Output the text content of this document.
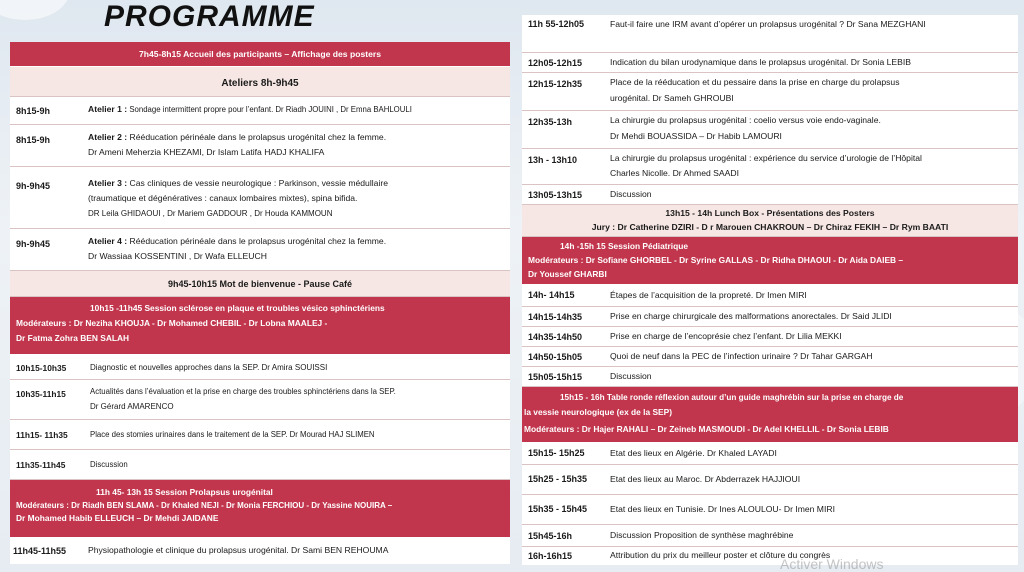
PROGRAMME
7h45-8h15 Accueil des participants – Affichage des posters
Ateliers 8h-9h45
8h15-9h	Atelier 1 : Sondage intermittent propre pour l’enfant. Dr Riadh JOUINI , Dr Emna BAHLOULI
8h15-9h	Atelier 2 : Rééducation périnéale dans le prolapsus urogénital chez la femme.
Dr Ameni Meherzia KHEZAMI, Dr Islam Latifa HADJ KHALIFA
9h-9h45	Atelier 3 : Cas cliniques de vessie neurologique : Parkinson, vessie médullaire
(traumatique et dégénératives : canaux lombaires mixtes), spina bifida.
DR Leila GHIDAOUI , Dr Mariem GADDOUR , Dr Houda KAMMOUN
9h-9h45	Atelier 4 : Rééducation périnéale dans le prolapsus urogénital chez la femme.
Dr Wassiaa KOSSENTINI , Dr Wafa ELLEUCH
9h45-10h15 Mot de bienvenue - Pause Café
10h15 -11h45 Session sclérose en plaque et troubles vésico sphinctériens
Modérateurs : Dr Neziha KHOUJA - Dr Mohamed CHEBIL - Dr Lobna MAALEJ -
Dr Fatma Zohra BEN SALAH
10h15-10h35	Diagnostic et nouvelles approches dans la SEP. Dr Amira SOUISSI
10h35-11h15	Actualités dans l’évaluation et la prise en charge des troubles sphinctériens dans la SEP.
Dr Gérard AMARENCO
11h15- 11h35	Place des stomies urinaires dans le traitement de la SEP. Dr Mourad HAJ SLIMEN
11h35-11h45	Discussion
11h 45- 13h 15 Session Prolapsus urogénital
Modérateurs : Dr Riadh BEN SLAMA - Dr Khaled NEJI - Dr Monia FERCHIOU - Dr Yassine NOUIRA –
Dr Mohamed Habib ELLEUCH – Dr Mehdi JAIDANE
11h45-11h55	Physiopathologie et clinique du prolapsus urogénital. Dr Sami BEN REHOUMA
11h 55-12h05	Faut-il faire une IRM avant d’opérer un prolapsus urogénital ? Dr Sana MEZGHANI
12h05-12h15	Indication du bilan urodynamique dans le prolapsus urogénital. Dr Sonia LEBIB
12h15-12h35	Place de la rééducation et du pessaire dans la prise en charge du prolapsus
urogénital. Dr Sameh GHROUBI
12h35-13h	La chirurgie du prolapsus urogénital : coelio versus voie endo-vaginale.
Dr Mehdi BOUASSIDA – Dr Habib LAMOURI
13h - 13h10	La chirurgie du prolapsus urogénital : expérience du service d’urologie de l’Hôpital
Charles Nicolle. Dr Ahmed SAADI
13h05-13h15	Discussion
13h15 - 14h Lunch Box - Présentations des Posters
Jury : Dr Catherine DZIRI - D r Marouen CHAKROUN – Dr Chiraz FEKIH – Dr Rym BAATI
14h -15h 15 Session Pédiatrique
Modérateurs : Dr Sofiane GHORBEL - Dr Syrine GALLAS - Dr Ridha DHAOUI - Dr Aida DAIEB –
Dr Youssef GHARBI
14h- 14h15	Étapes de l’acquisition de la propreté. Dr Imen MIRI
14h15-14h35	Prise en charge chirurgicale des malformations anorectales. Dr Said JLIDI
14h35-14h50	Prise en charge de l’encoprésie chez l’enfant. Dr Lilia MEKKI
14h50-15h05	Quoi de neuf dans la PEC de l’infection urinaire ? Dr Tahar GARGAH
15h05-15h15	Discussion
15h15 - 16h Table ronde réflexion autour d’un guide maghrébin sur la prise en charge de
la vessie neurologique (ex de la SEP)
Modérateurs : Dr Hajer RAHALI – Dr Zeineb MASMOUDI - Dr Adel KHELLIL - Dr Sonia LEBIB
15h15- 15h25	Etat des lieux en Algérie. Dr Khaled LAYADI
15h25 - 15h35	Etat des lieux au Maroc. Dr Abderrazek HAJJIOUI
15h35 - 15h45	Etat des lieux en Tunisie. Dr Ines ALOULOU- Dr Imen MIRI
15h45-16h	Discussion Proposition de synthèse maghrébine
16h-16h15	Attribution du prix du meilleur poster et clôture du congrès
Activer Windows
